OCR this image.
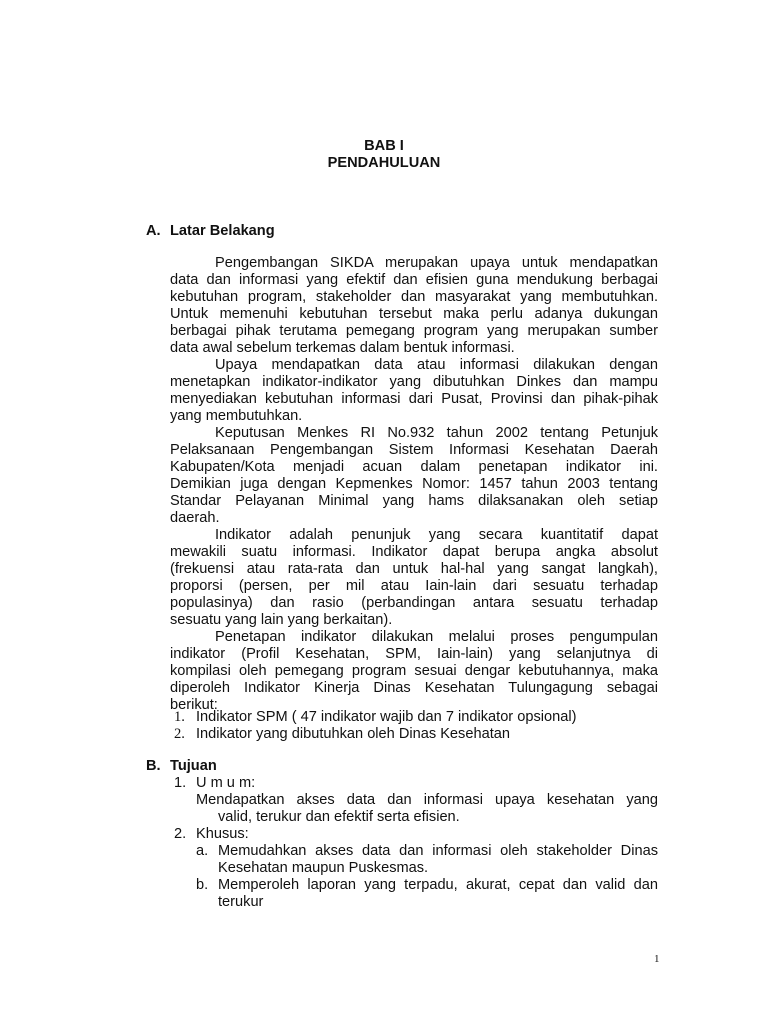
BAB I
PENDAHULUAN
A. Latar Belakang
Pengembangan SIKDA merupakan upaya untuk mendapatkan
data dan informasi yang efektif dan efisien guna mendukung berbagai
kebutuhan program, stakeholder dan masyarakat yang membutuhkan.
Untuk memenuhi kebutuhan tersebut maka perlu adanya dukungan
berbagai pihak terutama pemegang program yang merupakan sumber
data awal sebelum terkemas dalam bentuk informasi.
Upaya mendapatkan data atau informasi dilakukan dengan
menetapkan indikator-indikator yang dibutuhkan Dinkes dan mampu
menyediakan kebutuhan informasi dari Pusat, Provinsi dan pihak-pihak
yang membutuhkan.
Keputusan Menkes RI No.932 tahun 2002 tentang Petunjuk
Pelaksanaan Pengembangan Sistem Informasi Kesehatan Daerah
Kabupaten/Kota menjadi acuan dalam penetapan indikator ini.
Demikian juga dengan Kepmenkes Nomor: 1457 tahun 2003 tentang
Standar Pelayanan Minimal yang hams dilaksanakan oleh setiap
daerah.
Indikator adalah penunjuk yang secara kuantitatif dapat
mewakili suatu informasi. Indikator dapat berupa angka absolut
(frekuensi atau rata-rata dan untuk hal-hal yang sangat langkah),
proporsi (persen, per mil atau Iain-lain dari sesuatu terhadap
populasinya) dan rasio (perbandingan antara sesuatu terhadap
sesuatu yang lain yang berkaitan).
Penetapan indikator dilakukan melalui proses pengumpulan
indikator (Profil Kesehatan, SPM, Iain-lain) yang selanjutnya di
kompilasi oleh pemegang program sesuai dengar kebutuhannya, maka
diperoleh Indikator Kinerja Dinas Kesehatan Tulungagung sebagai
berikut:
1. Indikator SPM ( 47 indikator wajib dan 7 indikator opsional)
2. Indikator yang dibutuhkan oleh Dinas Kesehatan
B. Tujuan
1. U m u m:
Mendapatkan akses data dan informasi upaya kesehatan yang
valid, terukur dan efektif serta efisien.
2. Khusus:
a. Memudahkan akses data dan informasi oleh stakeholder Dinas
Kesehatan maupun Puskesmas.
b. Memperoleh laporan yang terpadu, akurat, cepat dan valid dan
terukur
1
